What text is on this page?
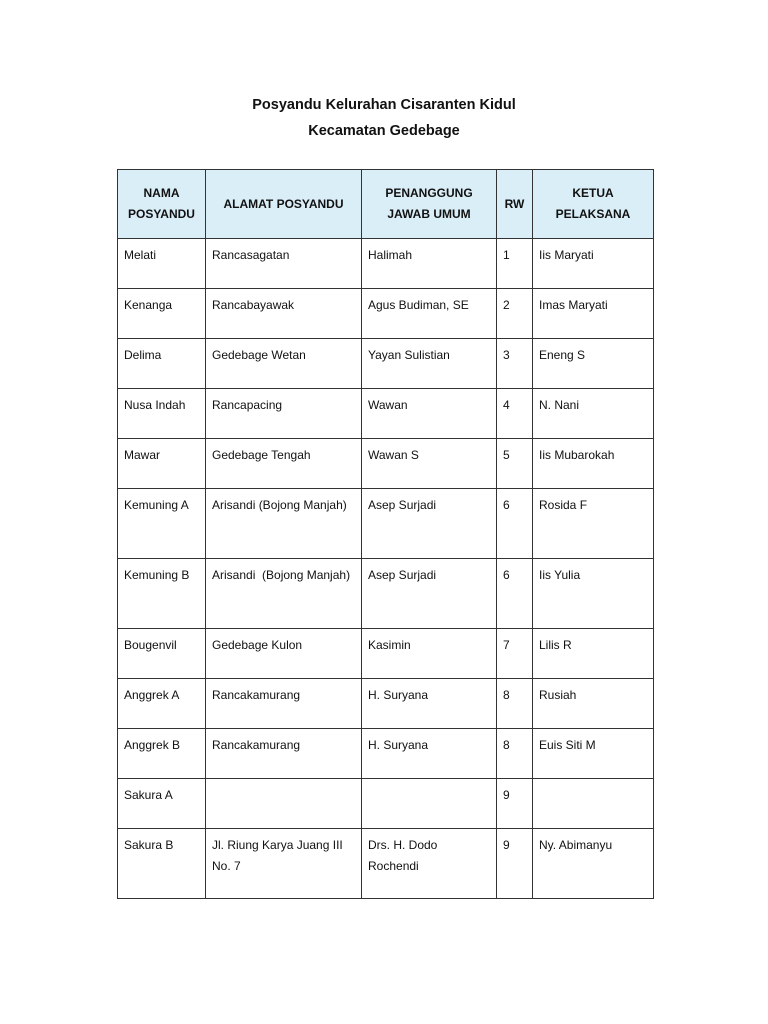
Posyandu Kelurahan Cisaranten Kidul
Kecamatan Gedebage
NAMA POSYANDU	ALAMAT POSYANDU	PENANGGUNG JAWAB UMUM	RW	KETUA PELAKSANA
Melati	Rancasagatan	Halimah	1	Iis Maryati
Kenanga	Rancabayawak	Agus Budiman, SE	2	Imas Maryati
Delima	Gedebage Wetan	Yayan Sulistian	3	Eneng S
Nusa Indah	Rancapacing	Wawan	4	N. Nani
Mawar	Gedebage Tengah	Wawan S	5	Iis Mubarokah
Kemuning A	Arisandi (Bojong Manjah)	Asep Surjadi	6	Rosida F
Kemuning B	Arisandi  (Bojong Manjah)	Asep Surjadi	6	Iis Yulia
Bougenvil	Gedebage Kulon	Kasimin	7	Lilis R
Anggrek A	Rancakamurang	H. Suryana	8	Rusiah
Anggrek B	Rancakamurang	H. Suryana	8	Euis Siti M
Sakura A			9	
Sakura B	Jl. Riung Karya Juang III No. 7	Drs. H. Dodo Rochendi	9	Ny. Abimanyu
